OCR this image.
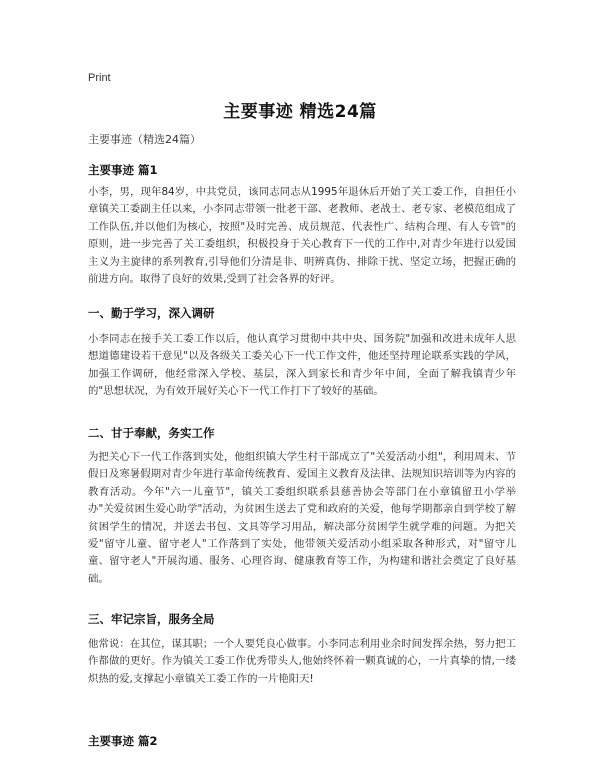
Print
主要事迹 精选24篇
主要事迹（精选24篇）
主要事迹 篇1

小李，男，现年84岁，中共党员，该同志同志从1995年退休后开始了关工委工作，自担任小章镇关工委副主任以来，小李同志带领一批老干部、老教师、老战士、老专家、老模范组成了工作队伍,并以他们为核心，按照"及时完善、成员规范、代表性广、结构合理、有人专管"的原则，进一步完善了关工委组织，积极投身于关心教育下一代的工作中,对青少年进行以爱国主义为主旋律的系列教育,引导他们分清是非、明辨真伪、排除干扰、坚定立场，把握正确的前进方向。取得了良好的效果,受到了社会各界的好评。

一、勤于学习，深入调研

小李同志在接手关工委工作以后，他认真学习贯彻中共中央、国务院"加强和改进未成年人思想道德建设若干意见"以及各级关工委关心下一代工作文件，他还坚持理论联系实践的学风，加强工作调研，他经常深入学校、基层，深入到家长和青少年中间，全面了解我镇青少年的"思想状况，为有效开展好关心下一代工作打下了较好的基础。

二、甘于奉献，务实工作

为把关心下一代工作落到实处，他组织镇大学生村干部成立了"关爱活动小组"，利用周末、节假日及寒暑假期对青少年进行革命传统教育、爱国主义教育及法律、法规知识培训等为内容的教育活动。今年"六一儿童节"，镇关工委组织联系县慈善协会等部门在小章镇留丑小学举办"关爱贫困生爱心助学"活动，为贫困生送去了党和政府的关爱，他每学期都亲自到学校了解贫困学生的情况，并送去书包、文具等学习用品，解决部分贫困学生就学难的问题。为把关爱"留守儿童、留守老人"工作落到了实处，他带领关爱活动小组采取各种形式，对"留守儿童、留守老人"开展沟通、服务、心理咨询、健康教育等工作，为构建和谐社会奠定了良好基础。

三、牢记宗旨，服务全局

他常说：在其位，谋其职；一个人要凭良心做事。小李同志利用业余时间发挥余热，努力把工作都做的更好。作为镇关工委工作优秀带头人,他始终怀着一颗真诚的心，一片真挚的情,一缕炽热的爱,支撑起小章镇关工委工作的一片艳阳天!

主要事迹 篇2
